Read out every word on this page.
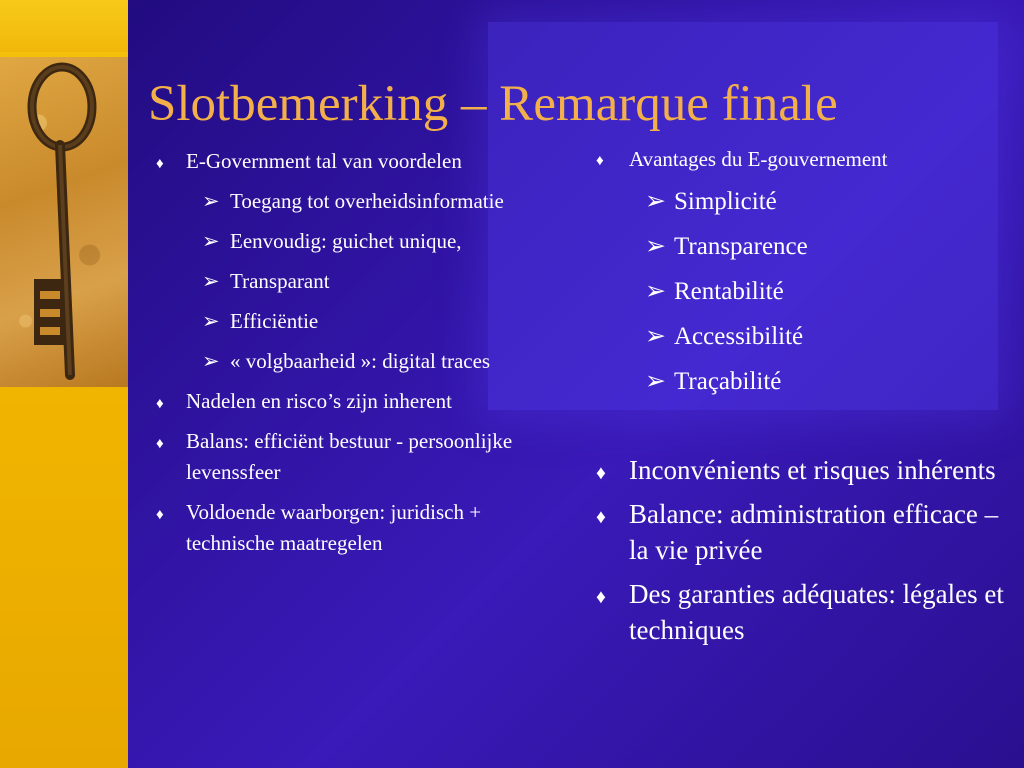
Slotbemerking – Remarque finale
♦ E-Government tal van voordelen
➢ Toegang tot overheidsinformatie
➢ Eenvoudig: guichet unique,
➢ Transparant
➢ Efficiëntie
➢ « volgbaarheid »: digital traces
♦ Nadelen en risco’s zijn inherent
♦ Balans: efficiënt bestuur - persoonlijke levenssfeer
♦ Voldoende waarborgen: juridisch + technische maatregelen
♦ Avantages du E-gouvernement
➢ Simplicité
➢ Transparence
➢ Rentabilité
➢ Accessibilité
➢ Traçabilité
♦ Inconvénients et risques inhérents
♦ Balance: administration efficace – la vie privée
♦ Des garanties adéquates: légales et techniques
